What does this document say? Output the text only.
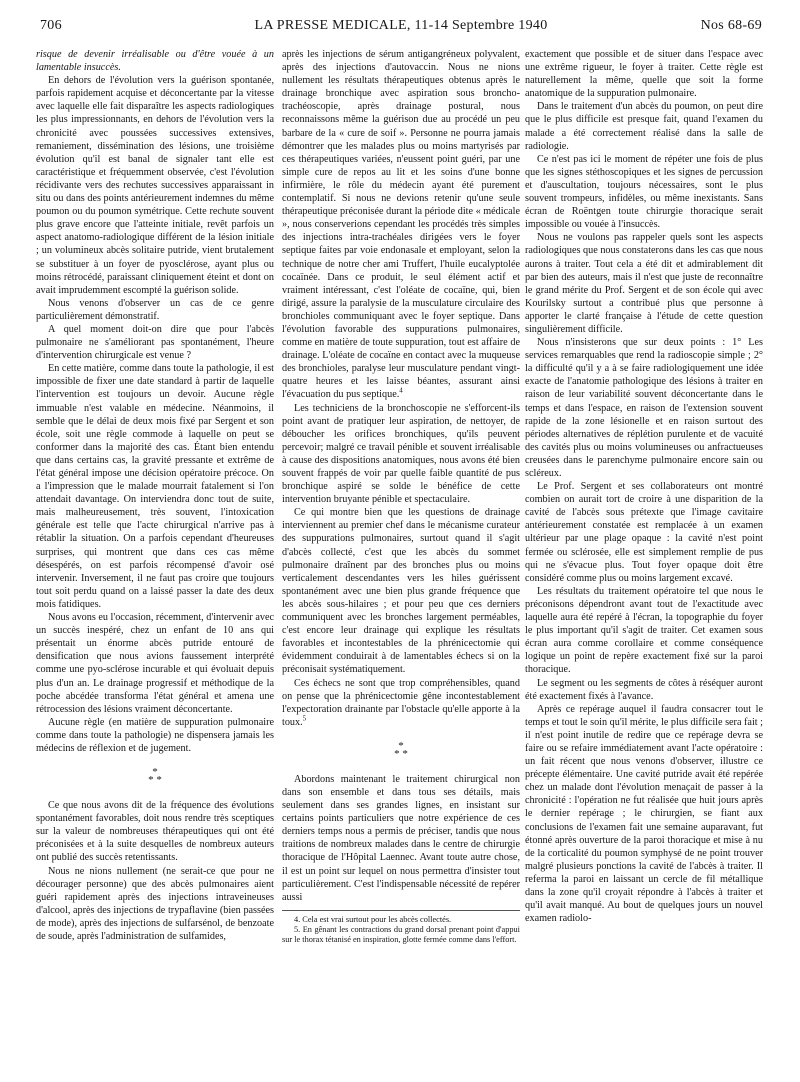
706	LA PRESSE MEDICALE, 11-14 Septembre 1940	Nos 68-69

risque de devenir irréalisable ou d'être vouée à un lamentable insuccès.

En dehors de l'évolution vers la guérison spontanée, parfois rapidement acquise et déconcertante par la vitesse avec laquelle elle fait disparaître les aspects radiologiques les plus impressionnants, en dehors de l'évolution vers la chronicité avec poussées successives extensives, remaniement, dissémination des lésions, une troisième évolution qu'il est banal de signaler tant elle est caractéristique et fréquemment observée, c'est l'évolution récidivante vers des rechutes successives apparaissant in situ ou dans des points antérieurement indemnes du même poumon ou du poumon symétrique. Cette rechute souvent plus grave encore que l'atteinte initiale, revêt parfois un aspect anatomo-radiologique différent de la lésion initiale ; un volumineux abcès solitaire putride, vient brutalement se substituer à un foyer de pyosclérose, ayant plus ou moins rétrocédé, paraissant cliniquement éteint et dont on avait imprudemment escompté la guérison solide.

Nous venons d'observer un cas de ce genre particulièrement démonstratif.

A quel moment doit-on dire que pour l'abcès pulmonaire ne s'améliorant pas spontanément, l'heure d'intervention chirurgicale est venue ?

En cette matière, comme dans toute la pathologie, il est impossible de fixer une date standard à partir de laquelle l'intervention est toujours un devoir. Aucune règle immuable n'est valable en médecine. Néanmoins, il semble que le délai de deux mois fixé par Sergent et son école, soit une règle commode à laquelle on peut se conformer dans la majorité des cas. Étant bien entendu que dans certains cas, la gravité pressante et extrême de l'état général impose une décision opératoire précoce. On a l'impression que le malade mourrait fatalement si l'on attendait davantage. On interviendra donc tout de suite, mais malheureusement, très souvent, l'intoxication générale est telle que l'acte chirurgical n'arrive pas à rétablir la situation. On a parfois cependant d'heureuses surprises, qui montrent que dans ces cas même désespérés, on est parfois récompensé d'avoir osé intervenir. Inversement, il ne faut pas croire que toujours tout soit perdu quand on a laissé passer la date des deux mois fatidiques.

Nous avons eu l'occasion, récemment, d'intervenir avec un succès inespéré, chez un enfant de 10 ans qui présentait un énorme abcès putride entouré de densification que nous avions faussement interprété comme une pyo-sclérose incurable et qui évoluait depuis plus d'un an. Le drainage progressif et méthodique de la poche abcédée transforma l'état général et amena une rétrocession des lésions vraiment déconcertante.

Aucune règle (en matière de suppuration pulmonaire comme dans toute la pathologie) ne dispensera jamais les médecins de réflexion et de jugement.

*
* *

Ce que nous avons dit de la fréquence des évolutions spontanément favorables, doit nous rendre très sceptiques sur la valeur de nombreuses thérapeutiques qui ont été préconisées et à la suite desquelles de nombreux auteurs ont publié des succès retentissants.

Nous ne nions nullement (ne serait-ce que pour ne décourager personne) que des abcès pulmonaires aient guéri rapidement après des injections intraveineuses d'alcool, après des injections de trypaflavine (bien passées de mode), après des injections de sulfarsénol, de benzoate de soude, après l'administration de sulfamides,

après les injections de sérum antigangréneux polyvalent, après des injections d'autovaccin. Nous ne nions nullement les résultats thérapeutiques obtenus après le drainage bronchique avec aspiration sous broncho-trachéoscopie, après drainage postural, nous reconnaissons même la guérison due au procédé un peu barbare de la « cure de soif ». Personne ne pourra jamais démontrer que les malades plus ou moins martyrisés par ces thérapeutiques variées, n'eussent point guéri, par une simple cure de repos au lit et les soins d'une bonne infirmière, le rôle du médecin ayant été purement contemplatif. Si nous ne devions retenir qu'une seule thérapeutique préconisée durant la période dite « médicale », nous conserverions cependant les procédés très simples des injections intra-trachéales dirigées vers le foyer septique faites par voie endonasale et employant, selon la technique de notre cher ami Truffert, l'huile eucalyptolée cocaïnée. Dans ce produit, le seul élément actif et vraiment intéressant, c'est l'oléate de cocaïne, qui, bien dirigé, assure la paralysie de la musculature circulaire des bronchioles communiquant avec le foyer septique. Dans l'évolution favorable des suppurations pulmonaires, comme en matière de toute suppuration, tout est affaire de drainage. L'oléate de cocaïne en contact avec la muqueuse des bronchioles, paralyse leur musculature pendant vingt-quatre heures et les laisse béantes, assurant ainsi l'évacuation du pus septique.$^4$

Les techniciens de la bronchoscopie ne s'efforcent-ils point avant de pratiquer leur aspiration, de nettoyer, de déboucher les orifices bronchiques, qu'ils peuvent percevoir; malgré ce travail pénible et souvent irréalisable à cause des dispositions anatomiques, nous avons été bien souvent frappés de voir par quelle faible quantité de pus bronchique aspiré se solde le bénéfice de cette intervention bruyante pénible et spectaculaire.

Ce qui montre bien que les questions de drainage interviennent au premier chef dans le mécanisme curateur des suppurations pulmonaires, surtout quand il s'agit d'abcès collecté, c'est que les abcès du sommet pulmonaire draînent par des bronches plus ou moins verticalement descendantes vers les hiles guérissent spontanément avec une bien plus grande fréquence que les abcès sous-hilaires ; et pour peu que ces derniers communiquent avec les bronches largement perméables, c'est encore leur drainage qui explique les résultats favorables et incontestables de la phrénicectomie qui évidemment conduirait à de lamentables échecs si on la préconisait systématiquement.

Ces échecs ne sont que trop compréhensibles, quand on pense que la phrénicectomie gêne incontestablement l'expectoration drainante par l'obstacle qu'elle apporte à la toux.$^5$

*
* *

Abordons maintenant le traitement chirurgical non dans son ensemble et dans tous ses détails, mais seulement dans ses grandes lignes, en insistant sur certains points particuliers que notre expérience de ces derniers temps nous a permis de préciser, tandis que nous traitions de nombreux malades dans le centre de chirurgie thoracique de l'Hôpital Laennec. Avant toute autre chose, il est un point sur lequel on nous permettra d'insister tout particulièrement. C'est l'indispensable nécessité de repérer aussi

4. Cela est vrai surtout pour les abcès collectés.

5. En gênant les contractions du grand dorsal prenant point d'appui sur le thorax tétanisé en inspiration, glotte fermée comme dans l'effort.

exactement que possible et de situer dans l'espace avec une extrême rigueur, le foyer à traiter. Cette règle est naturellement la même, quelle que soit la forme anatomique de la suppuration pulmonaire.

Dans le traitement d'un abcès du poumon, on peut dire que le plus difficile est presque fait, quand l'examen du malade a été correctement réalisé dans la salle de radiologie.

Ce n'est pas ici le moment de répéter une fois de plus que les signes stéthoscopiques et les signes de percussion et d'auscultation, toujours nécessaires, sont le plus souvent trompeurs, infidèles, ou même inexistants. Sans écran de Roëntgen toute chirurgie thoracique serait impossible ou vouée à l'insuccès.

Nous ne voulons pas rappeler quels sont les aspects radiologiques que nous constaterons dans les cas que nous aurons à traiter. Tout cela a été dit et admirablement dit par bien des auteurs, mais il n'est que juste de reconnaître le grand mérite du Prof. Sergent et de son école qui avec Kourilsky surtout a contribué plus que personne à apporter le clarté française à l'étude de cette question singulièrement difficile.

Nous n'insisterons que sur deux points : 1° Les services remarquables que rend la radioscopie simple ; 2° la difficulté qu'il y a à se faire radiologiquement une idée exacte de l'anatomie pathologique des lésions à traiter en raison de leur variabilité souvent déconcertante dans le temps et dans l'espace, en raison de l'extension souvent rapide de la zone lésionelle et en raison surtout des périodes alternatives de réplétion purulente et de vacuité des cavités plus ou moins volumineuses ou anfractueuses creusées dans le parenchyme pulmonaire encore sain ou scléreux.

Le Prof. Sergent et ses collaborateurs ont montré combien on aurait tort de croire à une disparition de la cavité de l'abcès sous prétexte que l'image cavitaire antérieurement constatée est remplacée à un examen ultérieur par une plage opaque : la cavité n'est point fermée ou sclérosée, elle est simplement remplie de pus qui ne s'évacue plus. Tout foyer opaque doit être considéré comme plus ou moins largement excavé.

Les résultats du traitement opératoire tel que nous le préconisons dépendront avant tout de l'exactitude avec laquelle aura été repéré à l'écran, la topographie du foyer le plus important qu'il s'agit de traiter. Cet examen sous écran aura comme corollaire et comme conséquence logique un point de repère exactement fixé sur la paroi thoracique.

Le segment ou les segments de côtes à réséquer auront été exactement fixés à l'avance.

Après ce repérage auquel il faudra consacrer tout le temps et tout le soin qu'il mérite, le plus difficile sera fait ; il n'est point inutile de redire que ce repérage devra se faire ou se refaire immédiatement avant l'acte opératoire : un fait récent que nous venons d'observer, illustre ce précepte élémentaire. Une cavité putride avait été repérée chez un malade dont l'évolution menaçait de passer à la chronicité : l'opération ne fut réalisée que huit jours après le dernier repérage ; le chirurgien, se fiant aux conclusions de l'examen fait une semaine auparavant, fut étonné après ouverture de la paroi thoracique et mise à nu de la corticalité du poumon symphysé de ne point trouver malgré plusieurs ponctions la cavité de l'abcès à traiter. Il referma la paroi en laissant un cercle de fil métallique dans la zone qu'il croyait répondre à l'abcès à traiter et qu'il avait manqué. Au bout de quelques jours un nouvel examen radiolo-
